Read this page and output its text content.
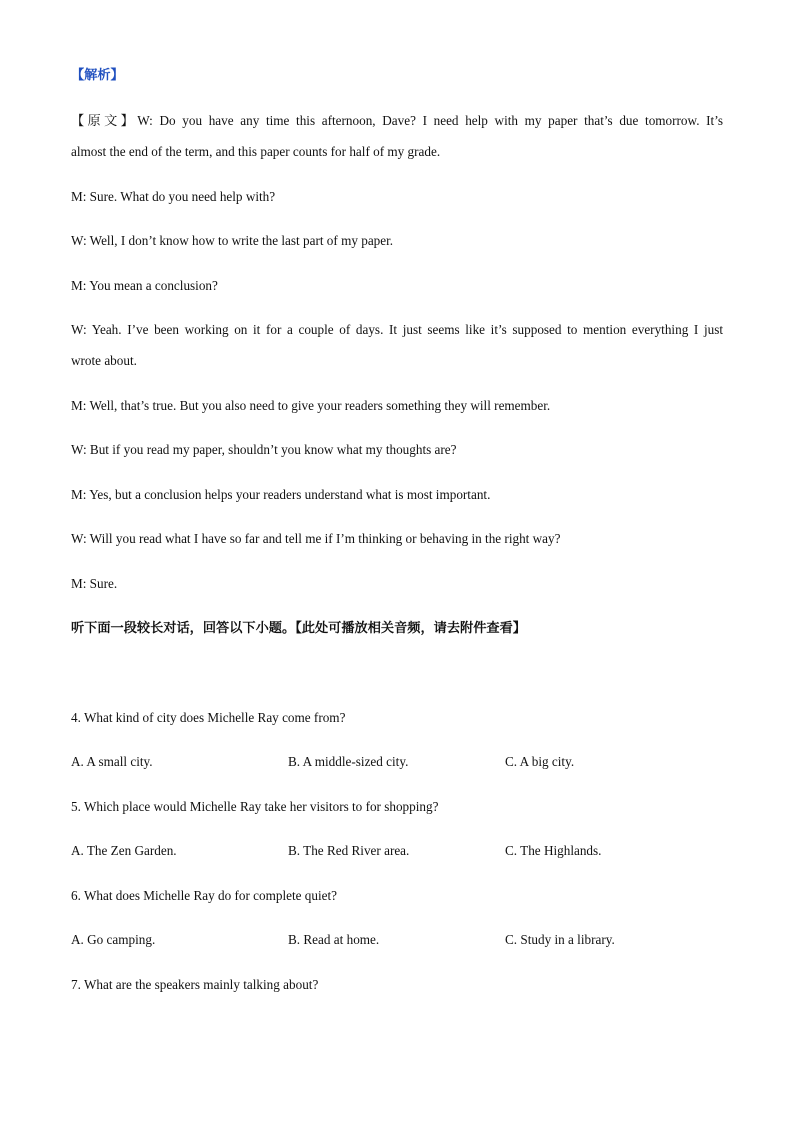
【解析】
【原文】W: Do you have any time this afternoon, Dave? I need help with my paper that’s due tomorrow. It’s
almost the end of the term, and this paper counts for half of my grade.
M: Sure. What do you need help with?
W: Well, I don’t know how to write the last part of my paper.
M: You mean a conclusion?
W: Yeah. I’ve been working on it for a couple of days. It just seems like it’s supposed to mention everything I just
wrote about.
M: Well, that’s true. But you also need to give your readers something they will remember.
W: But if you read my paper, shouldn’t you know what my thoughts are?
M: Yes, but a conclusion helps your readers understand what is most important.
W: Will you read what I have so far and tell me if I’m thinking or behaving in the right way?
M: Sure.
听下面一段较长对话，回答以下小题。【此处可播放相关音频，请去附件查看】
4. What kind of city does Michelle Ray come from?
A. A small city.	B. A middle-sized city.	C. A big city.
5. Which place would Michelle Ray take her visitors to for shopping?
A. The Zen Garden.	B. The Red River area.	C. The Highlands.
6. What does Michelle Ray do for complete quiet?
A. Go camping.	B. Read at home.	C. Study in a library.
7. What are the speakers mainly talking about?
